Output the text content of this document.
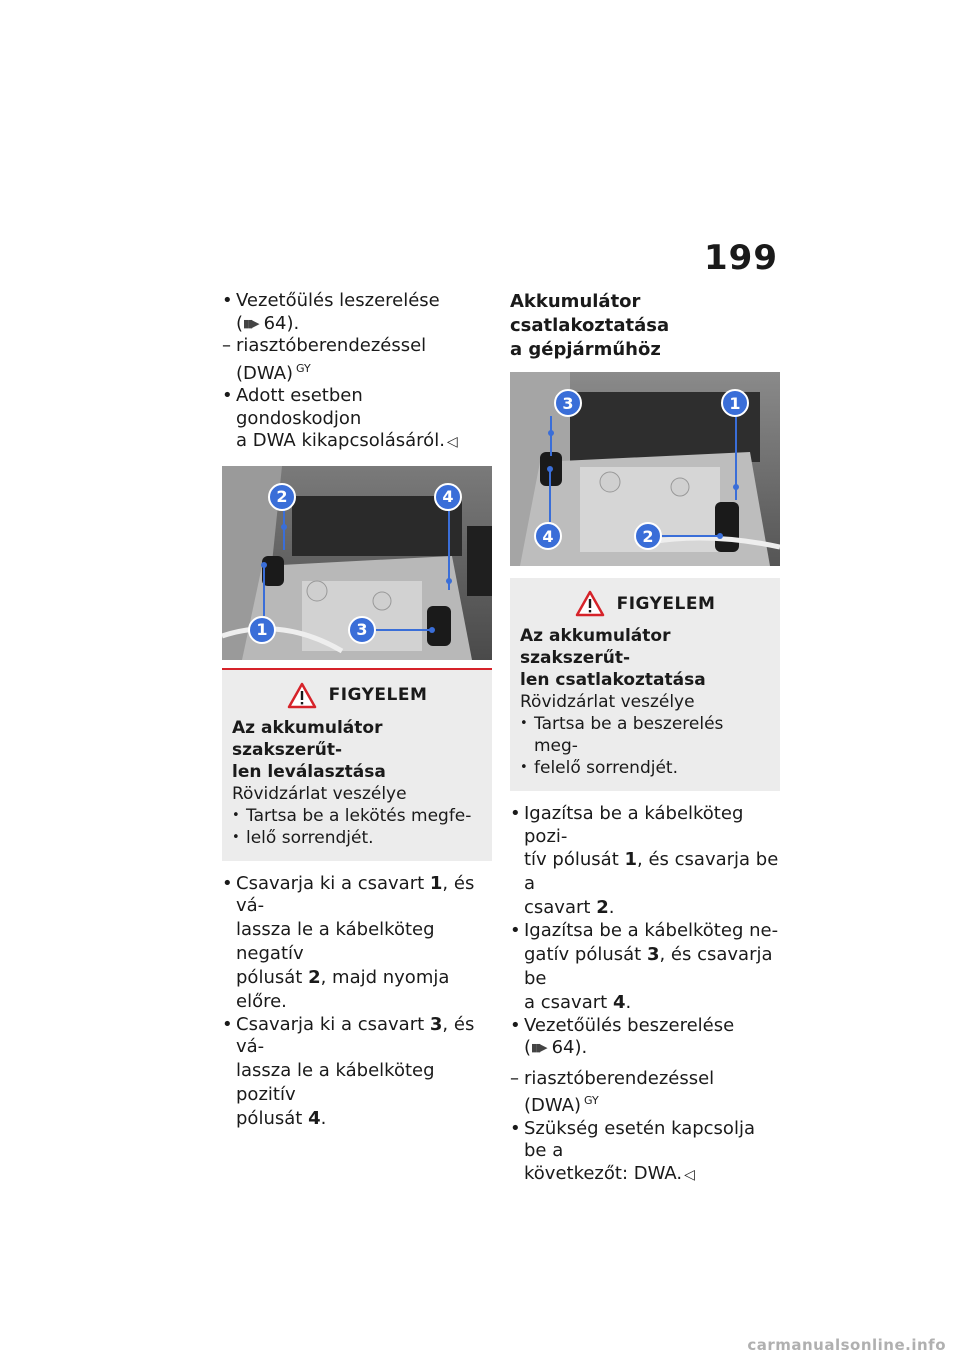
199
• Vezetőülés leszerelése
(▮▮▶ 64).
– riasztóberendezéssel
(DWA) $^{GY}$
• Adott esetben gondoskodjon
a DWA kikapcsolásáról. ◁
2	4
1	3
FIGYELEM
Az akkumulátor szakszerűt-
len leválasztása
Rövidzárlat veszélye
• Tartsa be a lekötés megfe-
• lelő sorrendjét.
• Csavarja ki a csavart 1, és vá-
lassza le a kábelköteg negatív
pólusát 2, majd nyomja előre.
• Csavarja ki a csavart 3, és vá-
lassza le a kábelköteg pozitív
pólusát 4.
Akkumulátor csatlakoztatása
a gépjárműhöz
3	1
4	2
FIGYELEM
Az akkumulátor szakszerűt-
len csatlakoztatása
Rövidzárlat veszélye
• Tartsa be a beszerelés meg-
• felelő sorrendjét.
• Igazítsa be a kábelköteg pozi-
tív pólusát 1, és csavarja be a
csavart 2.
• Igazítsa be a kábelköteg ne-
gatív pólusát 3, és csavarja be
a csavart 4.
• Vezetőülés beszerelése
(▮▮▶ 64).
– riasztóberendezéssel
(DWA) $^{GY}$
• Szükség esetén kapcsolja be a
következőt: DWA. ◁
carmanualsonline.info
